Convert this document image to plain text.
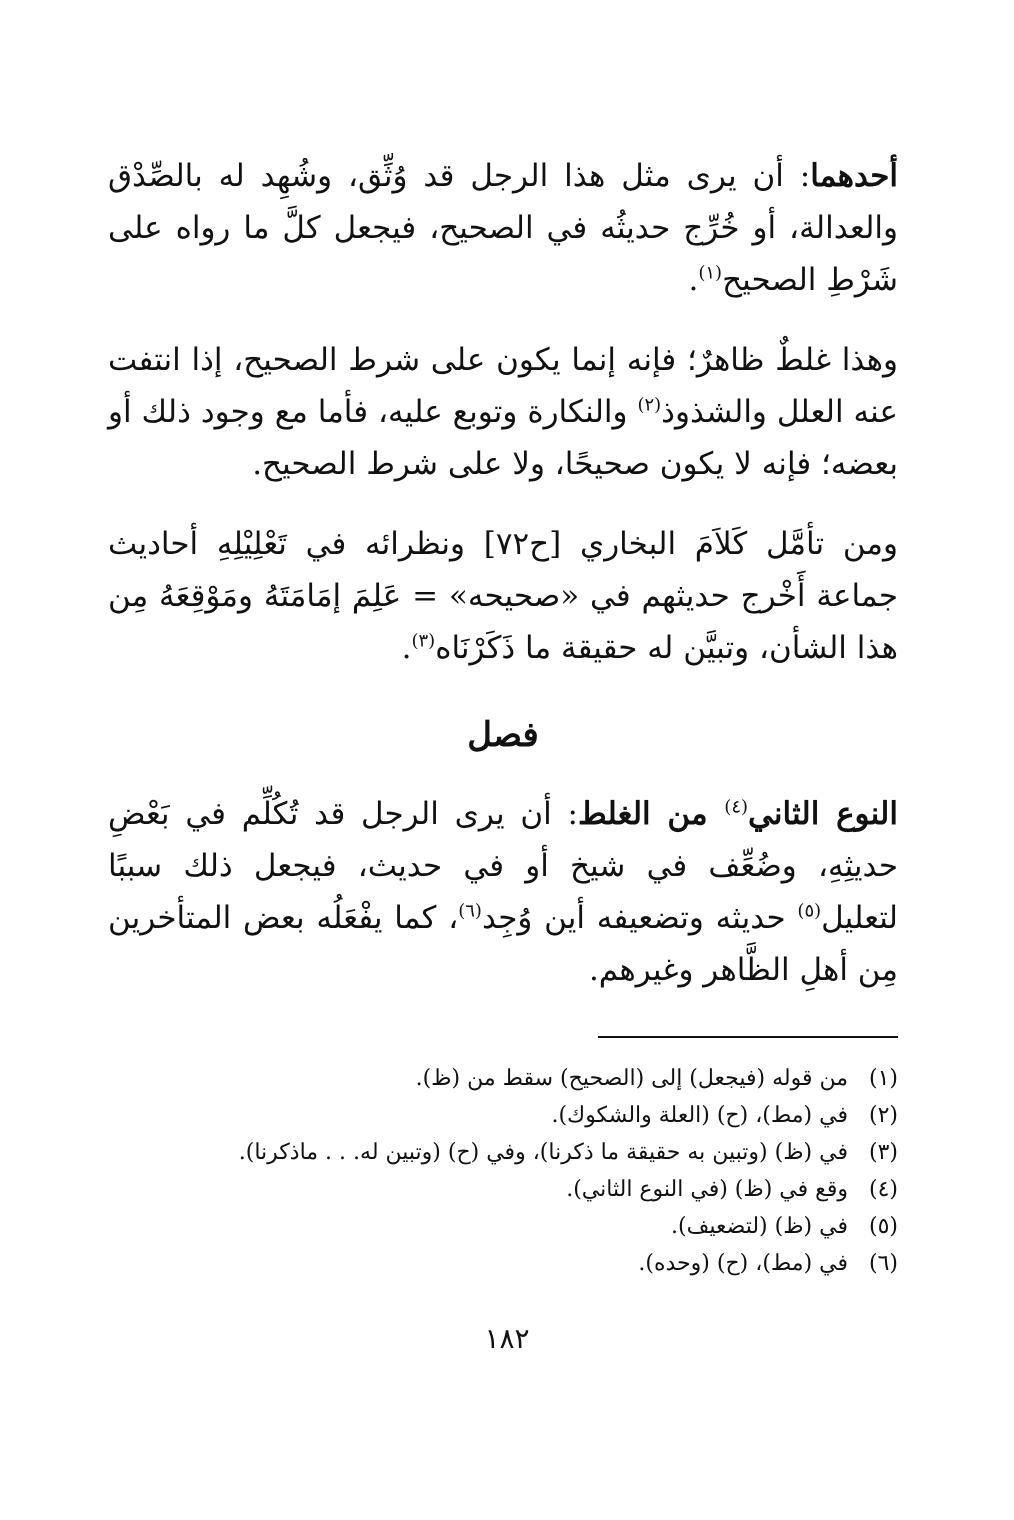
أحدهما: أن يرى مثل هذا الرجل قد وُثِّق، وشُهِد له بالصِّدْق والعدالة، أو خُرِّج حديثُه في الصحيح، فيجعل كلَّ ما رواه على شَرْطِ الصحيح$^{(١)}$.

وهذا غلطٌ ظاهرٌ؛ فإنه إنما يكون على شرط الصحيح، إذا انتفت عنه العلل والشذوذ$^{(٢)}$ والنكارة وتوبع عليه، فأما مع وجود ذلك أو بعضه؛ فإنه لا يكون صحيحًا، ولا على شرط الصحيح.

ومن تأمَّل كَلاَمَ البخاري [ح٧٢] ونظرائه في تَعْلِيْلِهِ أحاديث جماعة أَخْرج حديثهم في «صحيحه» = عَلِمَ إمَامَتَهُ ومَوْقِعَهُ مِن هذا الشأن، وتبيَّن له حقيقة ما ذَكَرْنَاه$^{(٣)}$.

فصل

النوع الثاني$^{(٤)}$ من الغلط: أن يرى الرجل قد تُكُلِّم في بَعْضِ حديثِهِ، وضُعِّف في شيخ أو في حديث، فيجعل ذلك سببًا لتعليل$^{(٥)}$ حديثه وتضعيفه أين وُجِد$^{(٦)}$، كما يفْعَلُه بعض المتأخرين مِن أهلِ الظَّاهر وغيرهم.

(١)
من قوله (فيجعل) إلى (الصحيح) سقط من (ظ).
(٢)
في (مط)، (ح) (العلة والشكوك).
(٣)
في (ظ) (وتبين به حقيقة ما ذكرنا)، وفي (ح) (وتبين له. . . ماذكرنا).
(٤)
وقع في (ظ) (في النوع الثاني).
(٥)
في (ظ) (لتضعيف).
(٦)
في (مط)، (ح) (وحده).
١٨٢
